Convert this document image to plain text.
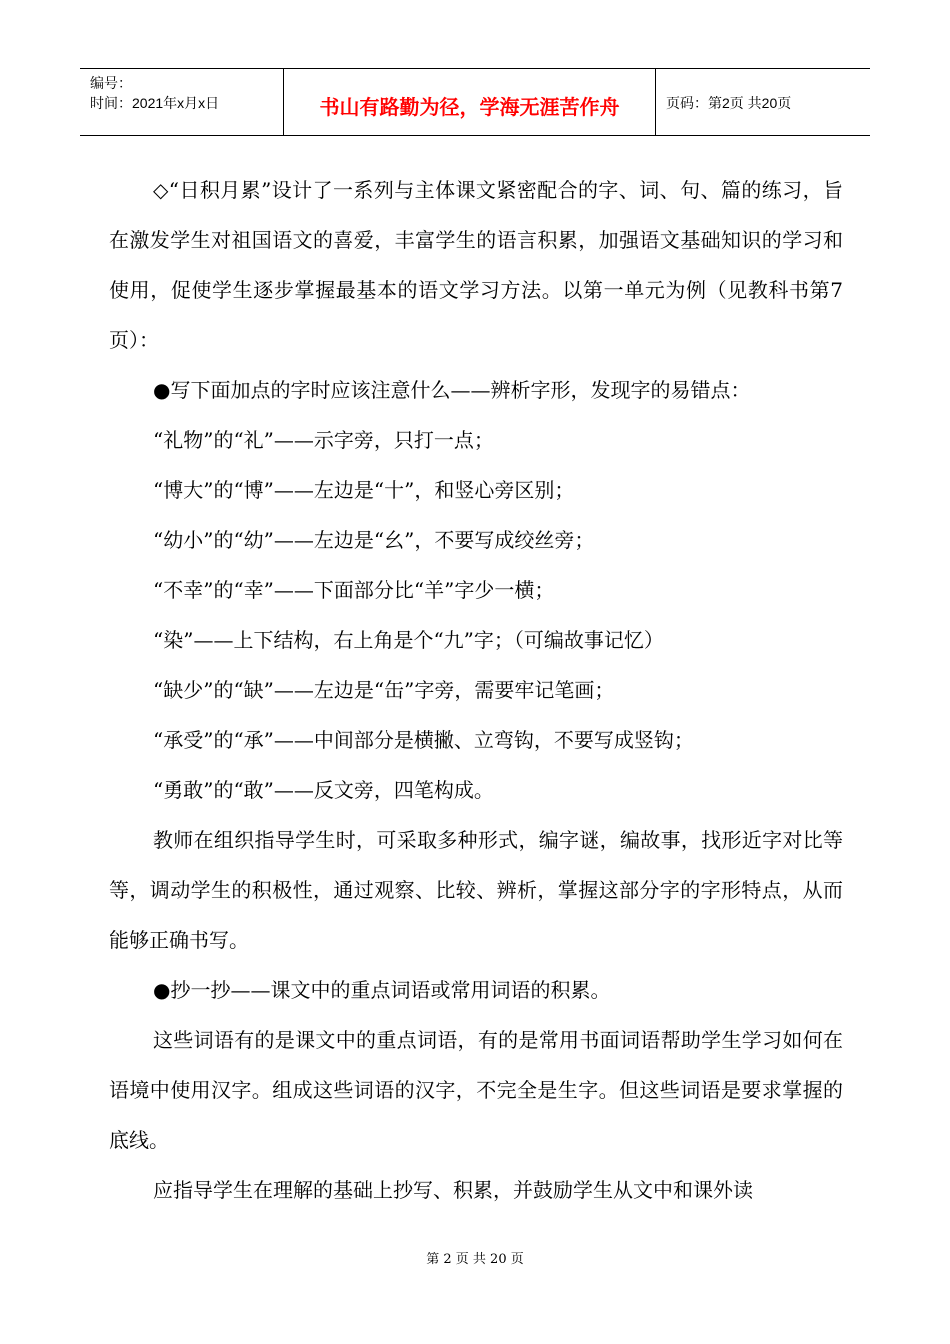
编号：
时间：2021年x月x日	书山有路勤为径，学海无涯苦作舟	页码：第2页 共20页

◇“日积月累”设计了一系列与主体课文紧密配合的字、词、句、篇的练习，旨在激发学生对祖国语文的喜爱，丰富学生的语言积累，加强语文基础知识的学习和使用，促使学生逐步掌握最基本的语文学习方法。以第一单元为例（见教科书第7页）：

●写下面加点的字时应该注意什么——辨析字形，发现字的易错点：

“礼物”的“礼”——示字旁，只打一点；

“博大”的“博”——左边是“十”，和竖心旁区别；

“幼小”的“幼”——左边是“幺”，不要写成绞丝旁；

“不幸”的“幸”——下面部分比“羊”字少一横；

“染”——上下结构，右上角是个“九”字；（可编故事记忆）

“缺少”的“缺”——左边是“缶”字旁，需要牢记笔画；

“承受”的“承”——中间部分是横撇、立弯钩，不要写成竖钩；

“勇敢”的“敢”——反文旁，四笔构成。

教师在组织指导学生时，可采取多种形式，编字谜，编故事，找形近字对比等等，调动学生的积极性，通过观察、比较、辨析，掌握这部分字的字形特点，从而能够正确书写。

●抄一抄——课文中的重点词语或常用词语的积累。

这些词语有的是课文中的重点词语，有的是常用书面词语帮助学生学习如何在语境中使用汉字。组成这些词语的汉字，不完全是生字。但这些词语是要求掌握的底线。

应指导学生在理解的基础上抄写、积累，并鼓励学生从文中和课外读

第 2 页 共 20 页
